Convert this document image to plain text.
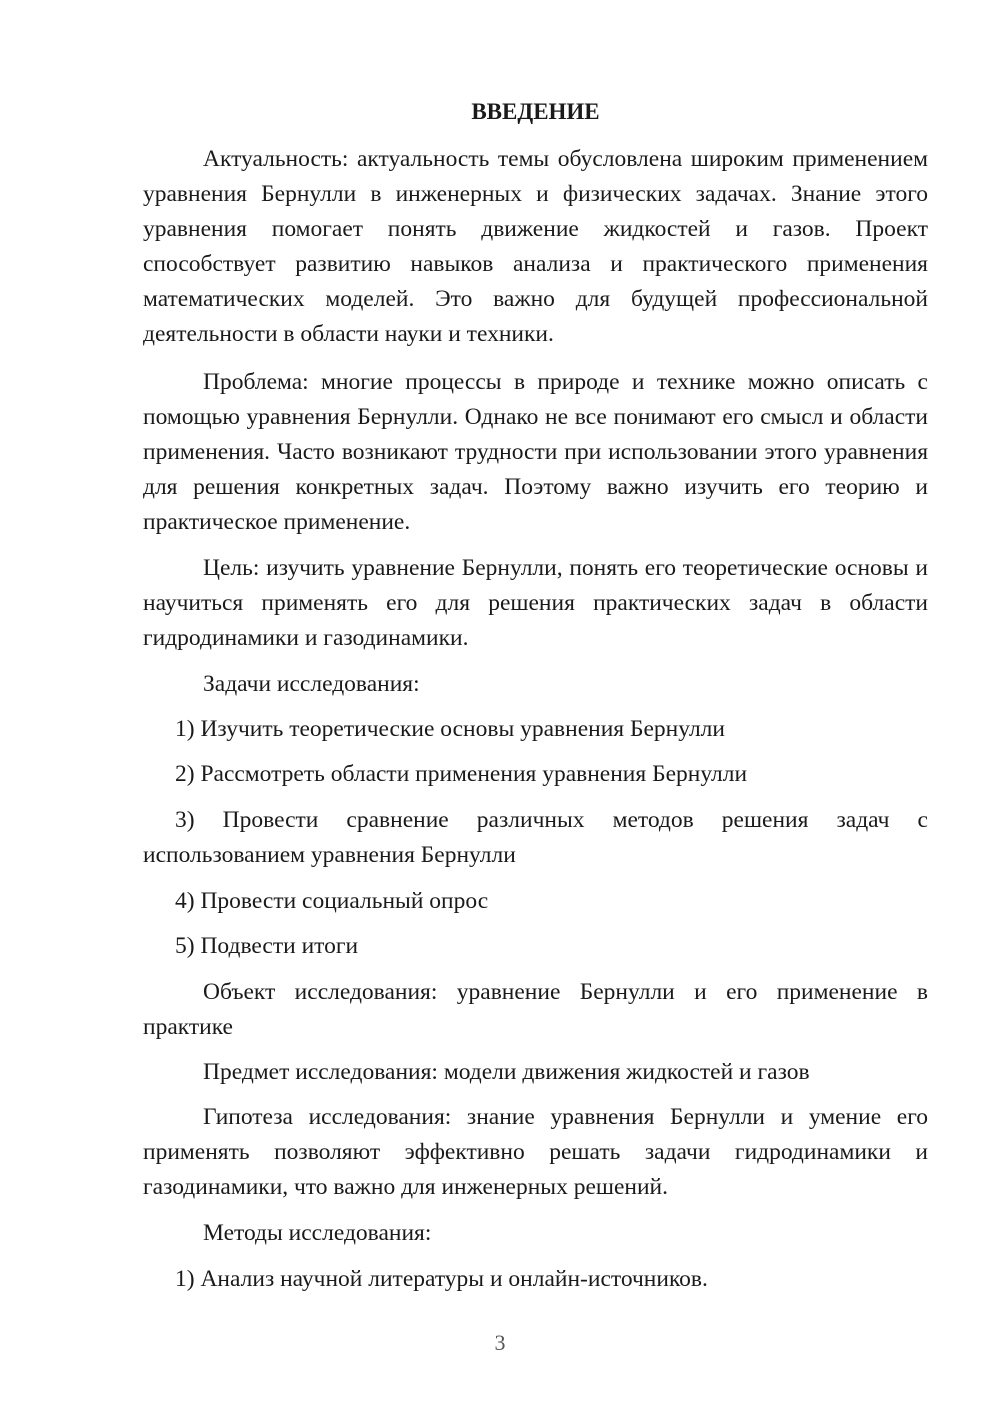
ВВЕДЕНИЕ

Актуальность: актуальность темы обусловлена широким применением уравнения Бернулли в инженерных и физических задачах. Знание этого уравнения помогает понять движение жидкостей и газов. Проект способствует развитию навыков анализа и практического применения математических моделей. Это важно для будущей профессиональной деятельности в области науки и техники.

Проблема: многие процессы в природе и технике можно описать с помощью уравнения Бернулли. Однако не все понимают его смысл и области применения. Часто возникают трудности при использовании этого уравнения для решения конкретных задач. Поэтому важно изучить его теорию и практическое применение.

Цель: изучить уравнение Бернулли, понять его теоретические основы и научиться применять его для решения практических задач в области гидродинамики и газодинамики.

Задачи исследования:

1) Изучить теоретические основы уравнения Бернулли

2) Рассмотреть области применения уравнения Бернулли

3) Провести сравнение различных методов решения задач с использованием уравнения Бернулли

4) Провести социальный опрос

5) Подвести итоги

Объект исследования: уравнение Бернулли и его применение в практике

Предмет исследования: модели движения жидкостей и газов

Гипотеза исследования: знание уравнения Бернулли и умение его применять позволяют эффективно решать задачи гидродинамики и газодинамики, что важно для инженерных решений.

Методы исследования:

1) Анализ научной литературы и онлайн-источников.

3
